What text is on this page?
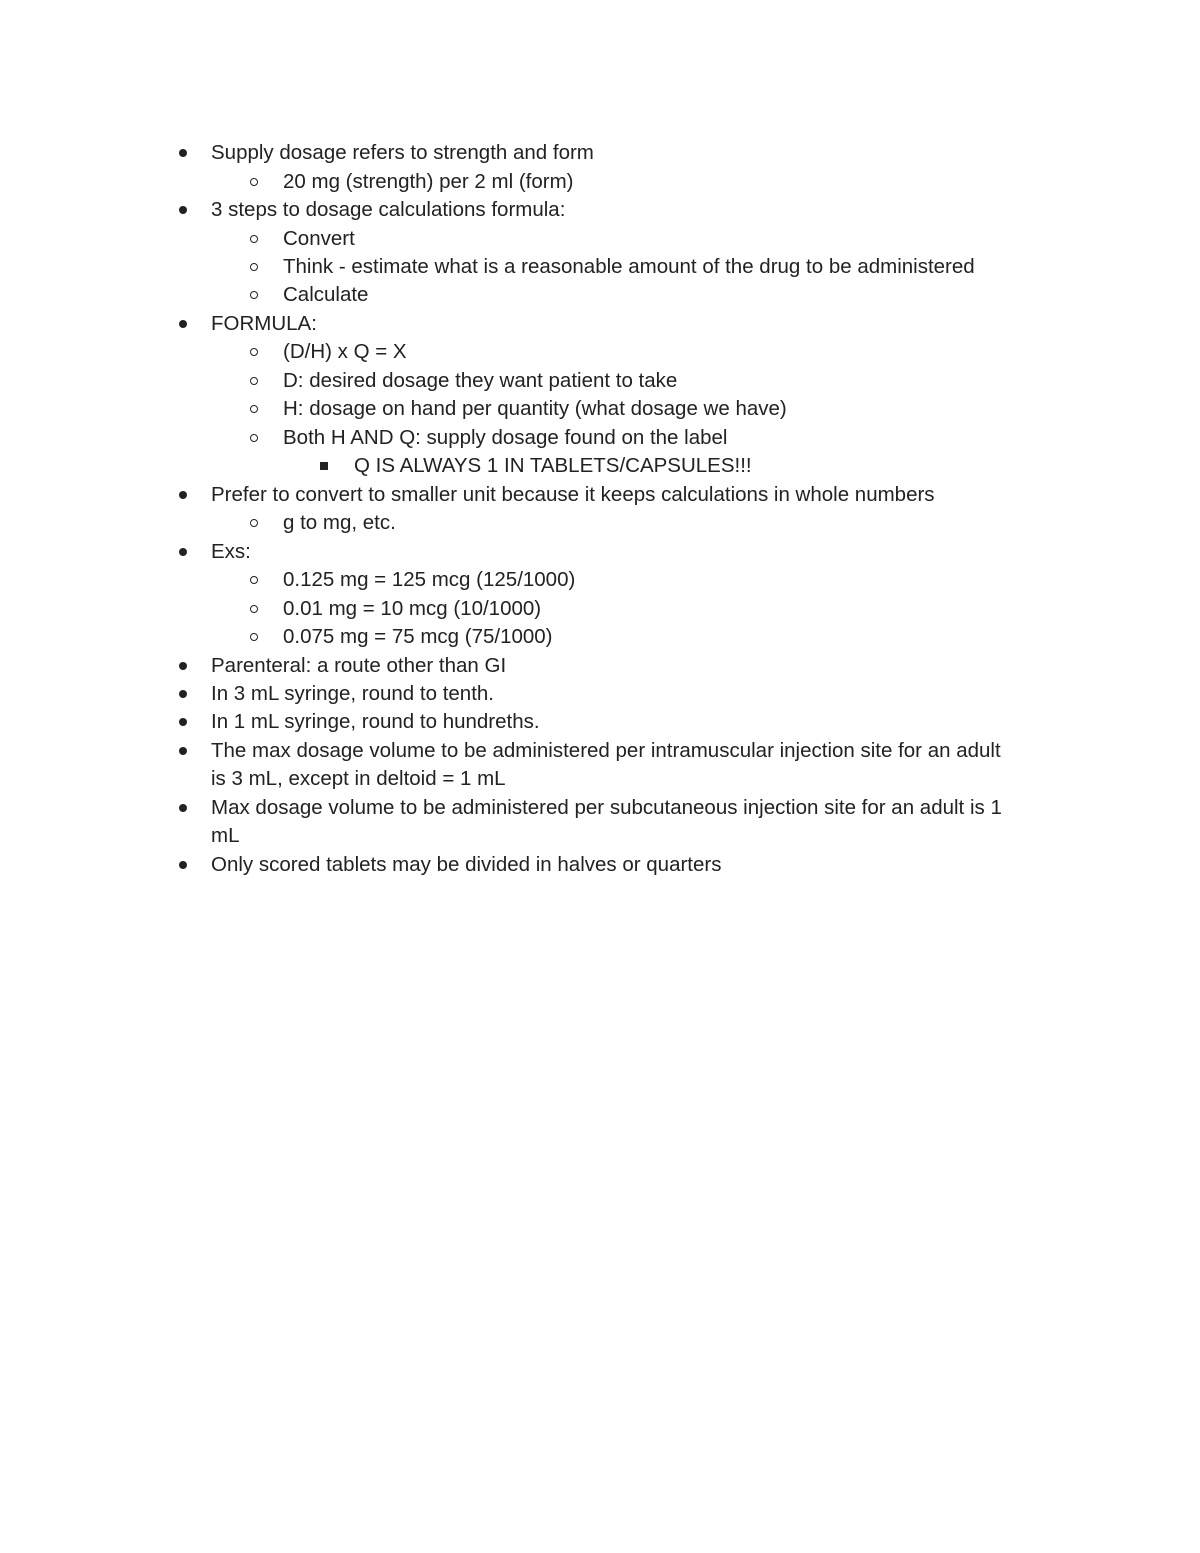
Supply dosage refers to strength and form
20 mg (strength) per 2 ml (form)
3 steps to dosage calculations formula:
Convert
Think - estimate what is a reasonable amount of the drug to be administered
Calculate
FORMULA:
(D/H) x Q = X
D: desired dosage they want patient to take
H: dosage on hand per quantity (what dosage we have)
Both H AND Q: supply dosage found on the label
Q IS ALWAYS 1 IN TABLETS/CAPSULES!!!
Prefer to convert to smaller unit because it keeps calculations in whole numbers
g to mg, etc.
Exs:
0.125 mg = 125 mcg (125/1000)
0.01 mg = 10 mcg (10/1000)
0.075 mg = 75 mcg (75/1000)
Parenteral: a route other than GI
In 3 mL syringe, round to tenth.
In 1 mL syringe, round to hundreths.
The max dosage volume to be administered per intramuscular injection site for an adult
is 3 mL, except in deltoid = 1 mL
Max dosage volume to be administered per subcutaneous injection site for an adult is 1
mL
Only scored tablets may be divided in halves or quarters
